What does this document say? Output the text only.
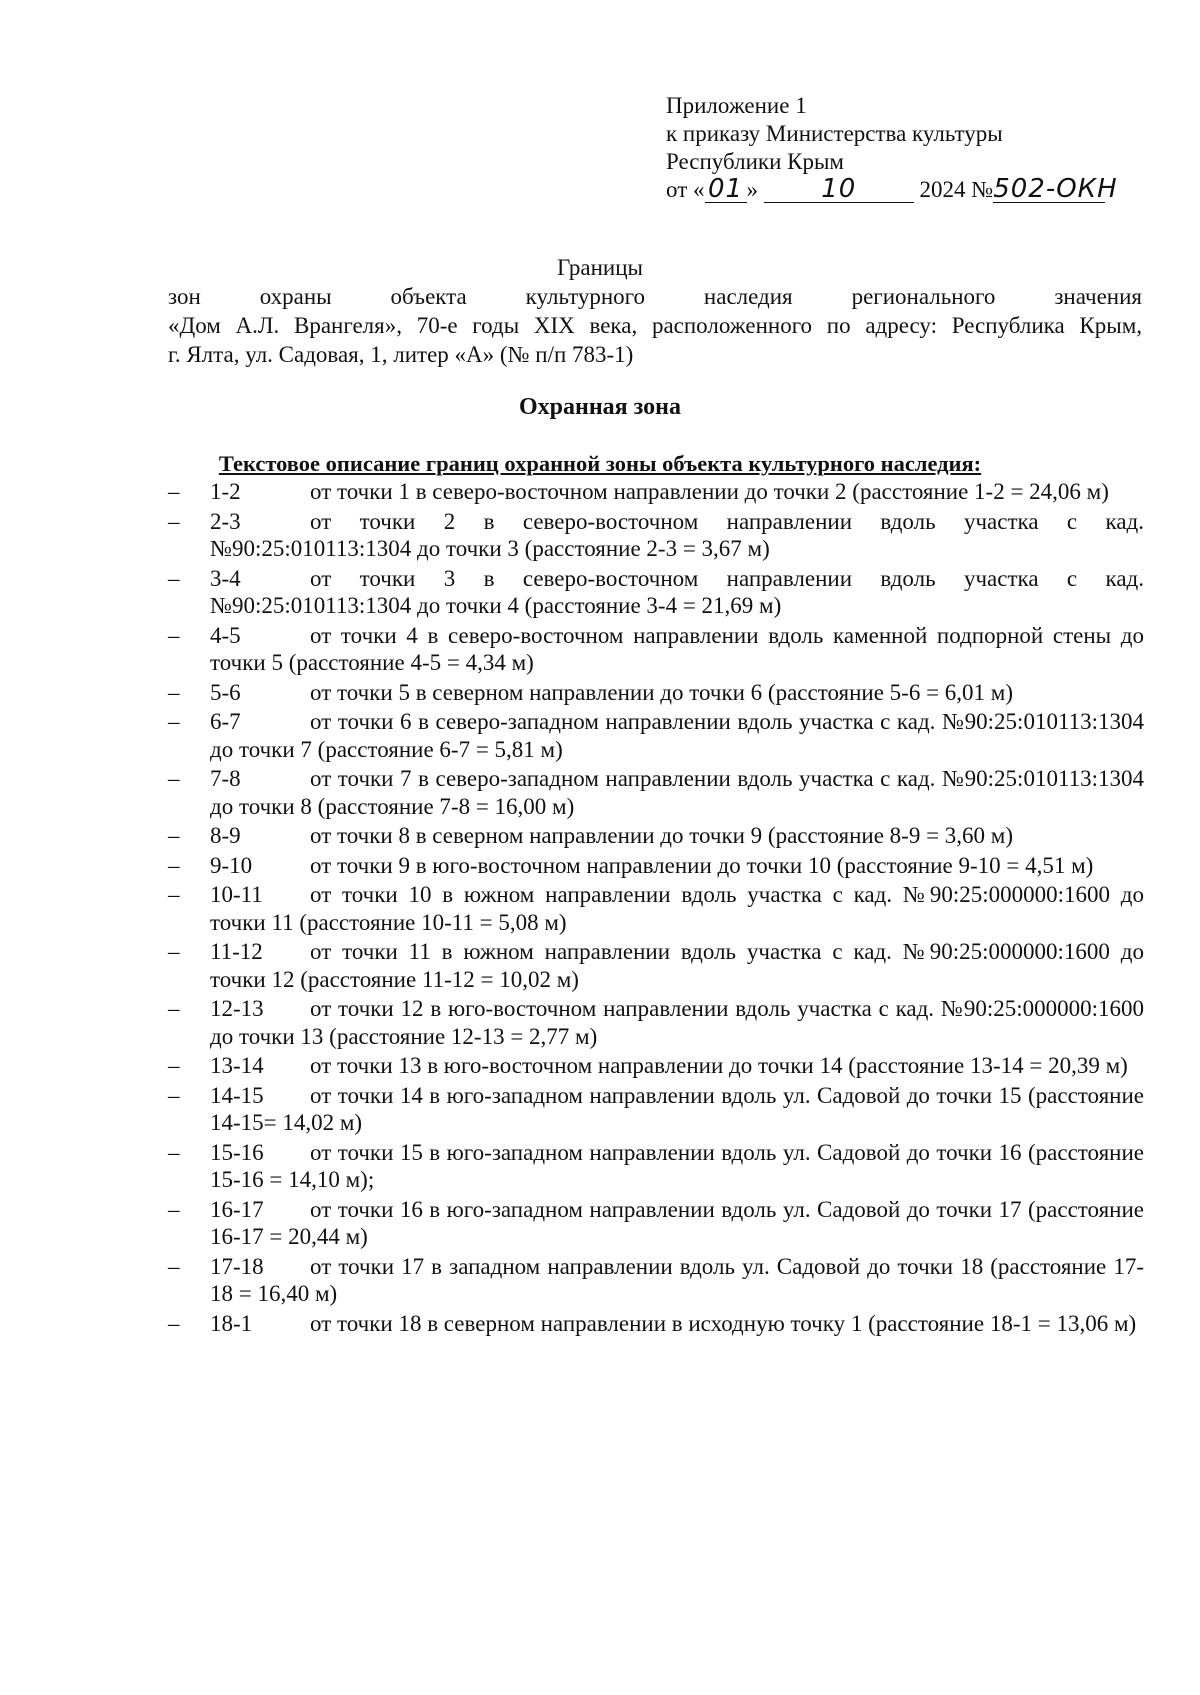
Приложение 1
к приказу Министерства культуры
Республики Крым
от « 01 » 10	2024 №502-ОКН
Границы
зон охраны объекта культурного наследия регионального значения
«Дом А.Л. Врангеля», 70-е годы XIX века, расположенного по адресу: Республика Крым,
г. Ялта, ул. Садовая, 1, литер «А» (№ п/п 783-1)
Охранная зона
Текстовое описание границ охранной зоны объекта культурного наследия:
–	1-2	от точки 1 в северо-восточном направлении до точки 2 (расстояние 1-2 = 24,06 м)
–	2-3	от точки 2 в северо-восточном направлении вдоль участка с кад. №90:25:010113:1304 до точки 3 (расстояние 2-3 = 3,67 м)
–	3-4	от точки 3 в северо-восточном направлении вдоль участка с кад. №90:25:010113:1304 до точки 4 (расстояние 3-4 = 21,69 м)
–	4-5	от точки 4 в северо-восточном направлении вдоль каменной подпорной стены до точки 5 (расстояние 4-5 = 4,34 м)
–	5-6	от точки 5 в северном направлении до точки 6 (расстояние 5-6 = 6,01 м)
–	6-7	от точки 6 в северо-западном направлении вдоль участка с кад. №90:25:010113:1304 до точки 7 (расстояние 6-7 = 5,81 м)
–	7-8	от точки 7 в северо-западном направлении вдоль участка с кад. №90:25:010113:1304 до точки 8 (расстояние 7-8 = 16,00 м)
–	8-9	от точки 8 в северном направлении до точки 9 (расстояние 8-9 = 3,60 м)
–	9-10	от точки 9 в юго-восточном направлении до точки 10 (расстояние 9-10 = 4,51 м)
–	10-11 от точки 10 в южном направлении вдоль участка с кад. №90:25:000000:1600 до точки 11 (расстояние 10-11 = 5,08 м)
–	11-12 от точки 11 в южном направлении вдоль участка с кад. №90:25:000000:1600 до точки 12 (расстояние 11-12 = 10,02 м)
–	12-13 от точки 12 в юго-восточном направлении вдоль участка с кад. №90:25:000000:1600 до точки 13 (расстояние 12-13 = 2,77 м)
–	13-14 от точки 13 в юго-восточном направлении до точки 14 (расстояние 13-14 = 20,39 м)
–	14-15 от точки 14 в юго-западном направлении вдоль ул. Садовой до точки 15 (расстояние 14-15= 14,02 м)
–	15-16 от точки 15 в юго-западном направлении вдоль ул. Садовой до точки 16 (расстояние 15-16 = 14,10 м);
–	16-17 от точки 16 в юго-западном направлении вдоль ул. Садовой до точки 17 (расстояние 16-17 = 20,44 м)
–	17-18 от точки 17 в западном направлении вдоль ул. Садовой до точки 18 (расстояние 17-18 = 16,40 м)
–	18-1	от точки 18 в северном направлении в исходную точку 1 (расстояние 18-1 = 13,06 м)
